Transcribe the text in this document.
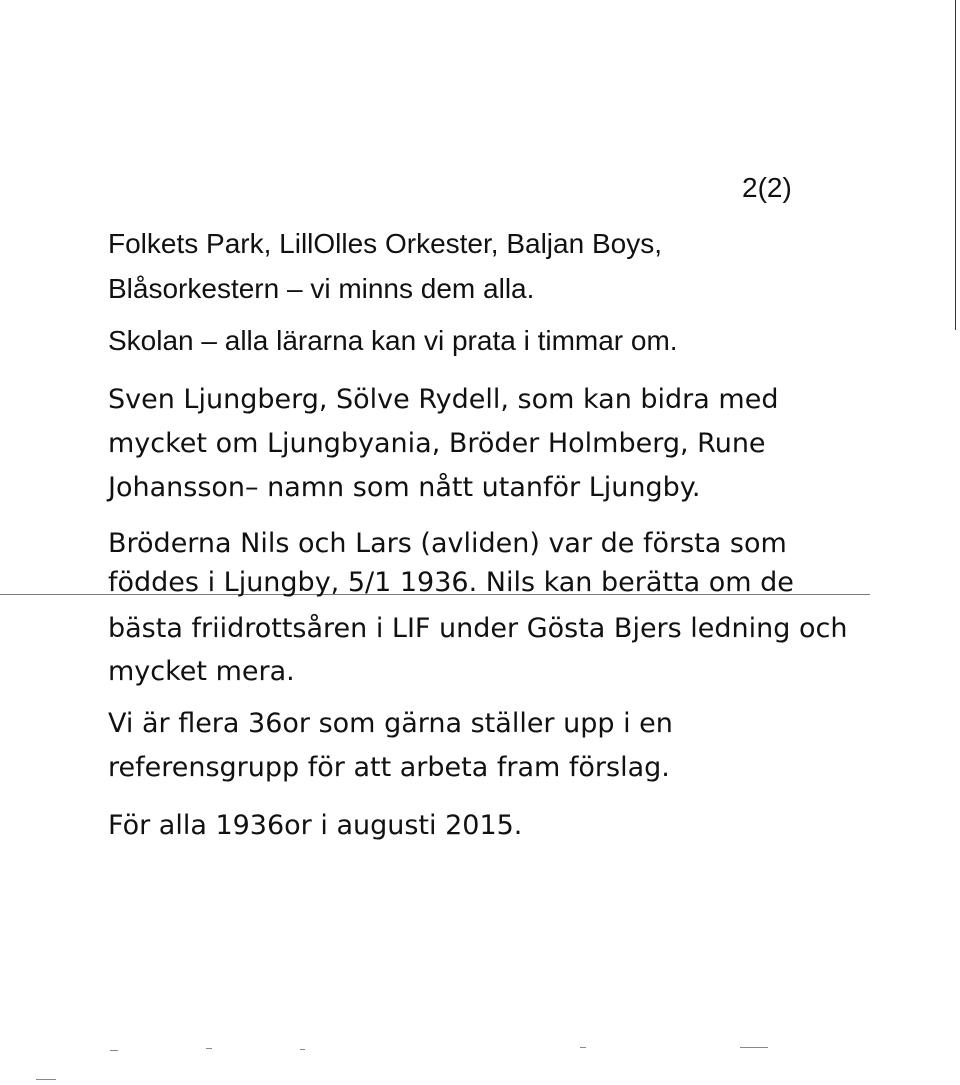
2(2)
Folkets Park, LillOlles Orkester, Baljan Boys,
Blåsorkestern – vi minns dem alla.
Skolan – alla lärarna kan vi prata i timmar om.
Sven Ljungberg, Sölve Rydell, som kan bidra med
mycket om Ljungbyania, Bröder Holmberg, Rune
Johansson– namn som nått utanför Ljungby.
Bröderna Nils och Lars (avliden) var de första som
föddes i Ljungby, 5/1 1936. Nils kan berätta om de
bästa friidrottsåren i LIF under Gösta Bjers ledning och
mycket mera.
Vi är flera 36or som gärna ställer upp i en
referensgrupp för att arbeta fram förslag.
För alla 1936or i augusti 2015.
